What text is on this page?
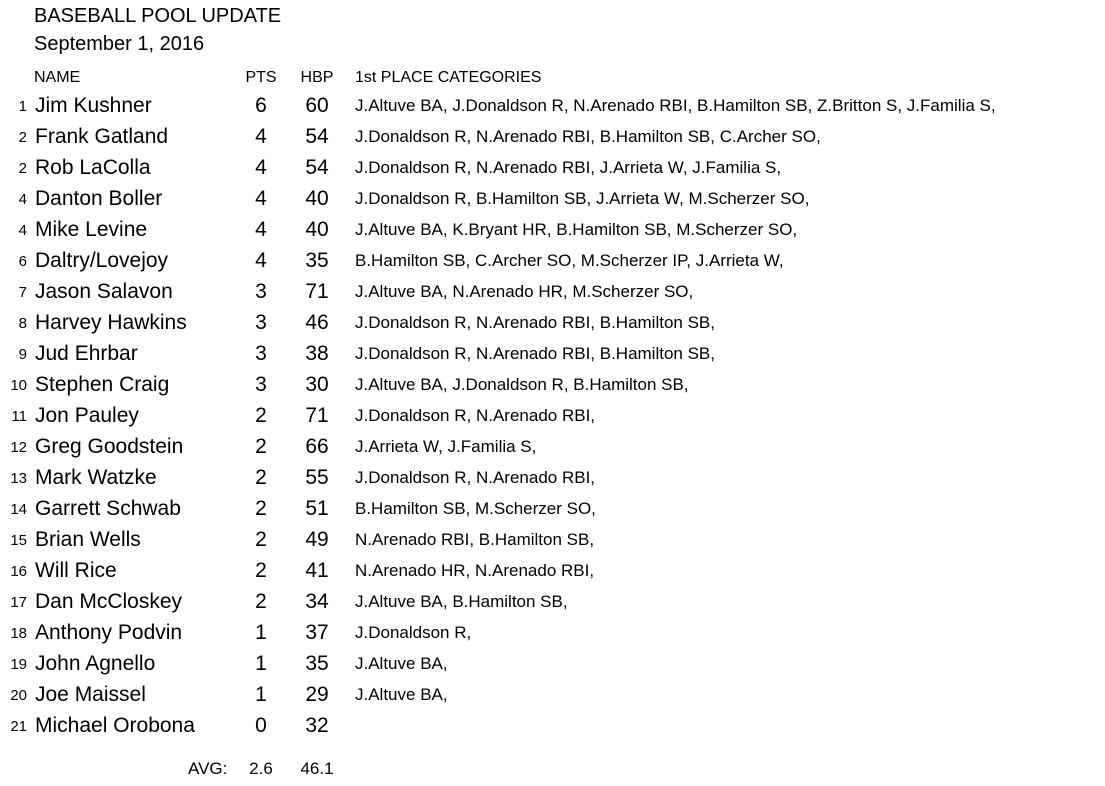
BASEBALL POOL UPDATE
September 1, 2016
NAME	PTS	HBP	1st PLACE CATEGORIES
1 Jim Kushner	6	60	J.Altuve BA, J.Donaldson R, N.Arenado RBI, B.Hamilton SB, Z.Britton S, J.Familia S,
2 Frank Gatland	4	54	J.Donaldson R, N.Arenado RBI, B.Hamilton SB, C.Archer SO,
2 Rob LaColla	4	54	J.Donaldson R, N.Arenado RBI, J.Arrieta W, J.Familia S,
4 Danton Boller	4	40	J.Donaldson R, B.Hamilton SB, J.Arrieta W, M.Scherzer SO,
4 Mike Levine	4	40	J.Altuve BA, K.Bryant HR, B.Hamilton SB, M.Scherzer SO,
6 Daltry/Lovejoy	4	35	B.Hamilton SB, C.Archer SO, M.Scherzer IP, J.Arrieta W,
7 Jason Salavon	3	71	J.Altuve BA, N.Arenado HR, M.Scherzer SO,
8 Harvey Hawkins	3	46	J.Donaldson R, N.Arenado RBI, B.Hamilton SB,
9 Jud Ehrbar	3	38	J.Donaldson R, N.Arenado RBI, B.Hamilton SB,
10 Stephen Craig	3	30	J.Altuve BA, J.Donaldson R, B.Hamilton SB,
11 Jon Pauley	2	71	J.Donaldson R, N.Arenado RBI,
12 Greg Goodstein	2	66	J.Arrieta W, J.Familia S,
13 Mark Watzke	2	55	J.Donaldson R, N.Arenado RBI,
14 Garrett Schwab	2	51	B.Hamilton SB, M.Scherzer SO,
15 Brian Wells	2	49	N.Arenado RBI, B.Hamilton SB,
16 Will Rice	2	41	N.Arenado HR, N.Arenado RBI,
17 Dan McCloskey	2	34	J.Altuve BA, B.Hamilton SB,
18 Anthony Podvin	1	37	J.Donaldson R,
19 John Agnello	1	35	J.Altuve BA,
20 Joe Maissel	1	29	J.Altuve BA,
21 Michael Orobona	0	32
AVG:	2.6	46.1
